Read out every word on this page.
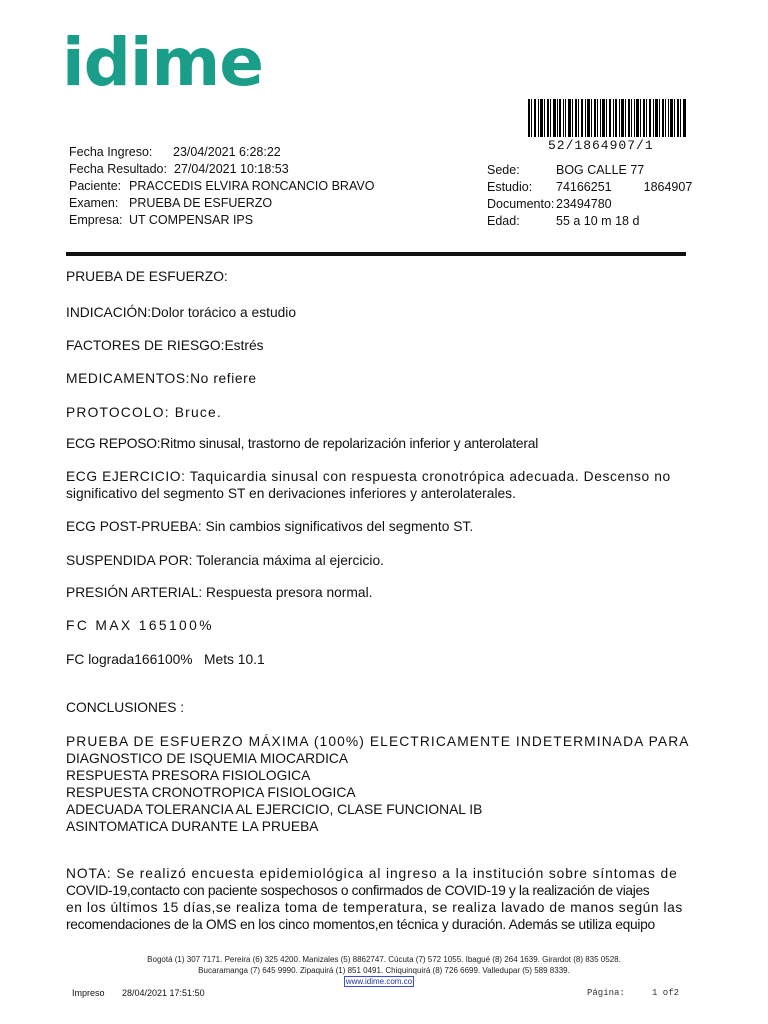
idime
52/1864907/1
Fecha Ingreso:	23/04/2021 6:28:22
Fecha Resultado: 27/04/2021 10:18:53
Paciente: PRACCEDIS ELVIRA RONCANCIO BRAVO
Examen: PRUEBA DE ESFUERZO
Empresa: UT COMPENSAR IPS
Sede:	BOG CALLE 77
Estudio:	74166251	1864907
Documento: 23494780
Edad:	55 a 10 m 18 d
PRUEBA DE ESFUERZO:
INDICACIÓN:Dolor torácico a estudio
FACTORES DE RIESGO:Estrés
MEDICAMENTOS:No refiere
PROTOCOLO: Bruce.
ECG REPOSO:Ritmo sinusal, trastorno de repolarización inferior y anterolateral
ECG EJERCICIO: Taquicardia sinusal con respuesta cronotrópica adecuada. Descenso no
significativo del segmento ST en derivaciones inferiores y anterolaterales.
ECG POST-PRUEBA: Sin cambios significativos del segmento ST.
SUSPENDIDA POR: Tolerancia máxima al ejercicio.
PRESIÓN ARTERIAL: Respuesta presora normal.
FC MAX 165100%
FC lograda166100%   Mets 10.1
CONCLUSIONES :
PRUEBA DE ESFUERZO MÁXIMA (100%) ELECTRICAMENTE INDETERMINADA PARA
DIAGNOSTICO DE ISQUEMIA MIOCARDICA
RESPUESTA PRESORA FISIOLOGICA
RESPUESTA CRONOTROPICA FISIOLOGICA
ADECUADA TOLERANCIA AL EJERCICIO, CLASE FUNCIONAL IB
ASINTOMATICA DURANTE LA PRUEBA
NOTA: Se realizó encuesta epidemiológica al ingreso a la institución sobre síntomas de
COVID-19,contacto con paciente sospechosos o confirmados de COVID-19 y la realización de viajes
en los últimos 15 días,se realiza toma de temperatura, se realiza lavado de manos según las
recomendaciones de la OMS en los cinco momentos,en técnica y duración. Además se utiliza equipo
Bogotá (1) 307 7171. Pereira (6) 325 4200. Manizales (5) 8862747. Cúcuta (7) 572 1055. Ibagué (8) 264 1639. Girardot (8) 835 0528.
Bucaramanga (7) 645 9990. Zipaquirá (1) 851 0491. Chiquinquirá (8) 726 6699. Valledupar (5) 589 8339.
www.idime.com.co
Impreso 28/04/2021 17:51:50	Página:	1 of2
